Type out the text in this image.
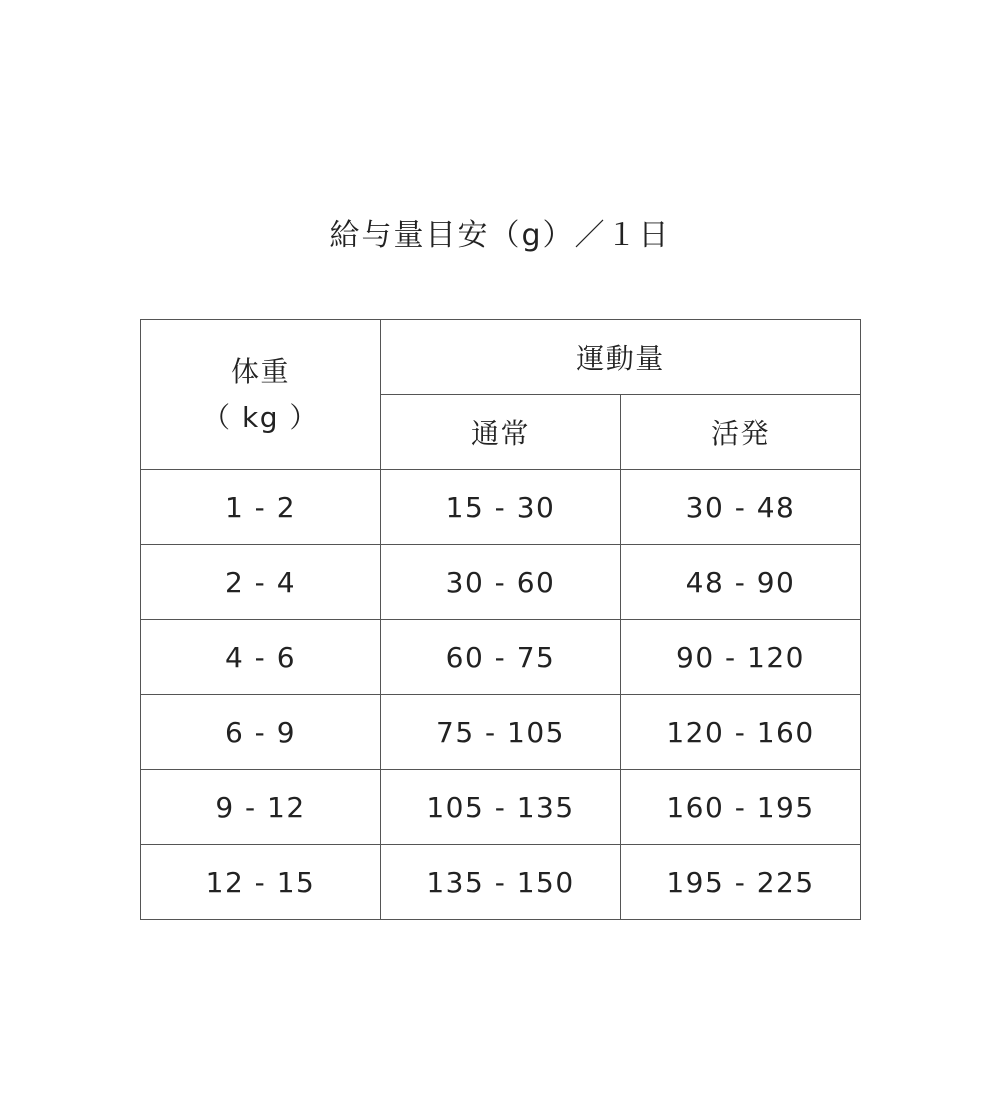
給与量目安（g）／１日
体重
（ kg ）	運動量	
	通常	活発
1 - 2	15 - 30	30 - 48
2 - 4	30 - 60	48 - 90
4 - 6	60 - 75	90 - 120
6 - 9	75 - 105	120 - 160
9 - 12	105 - 135	160 - 195
12 - 15	135 - 150	195 - 225
